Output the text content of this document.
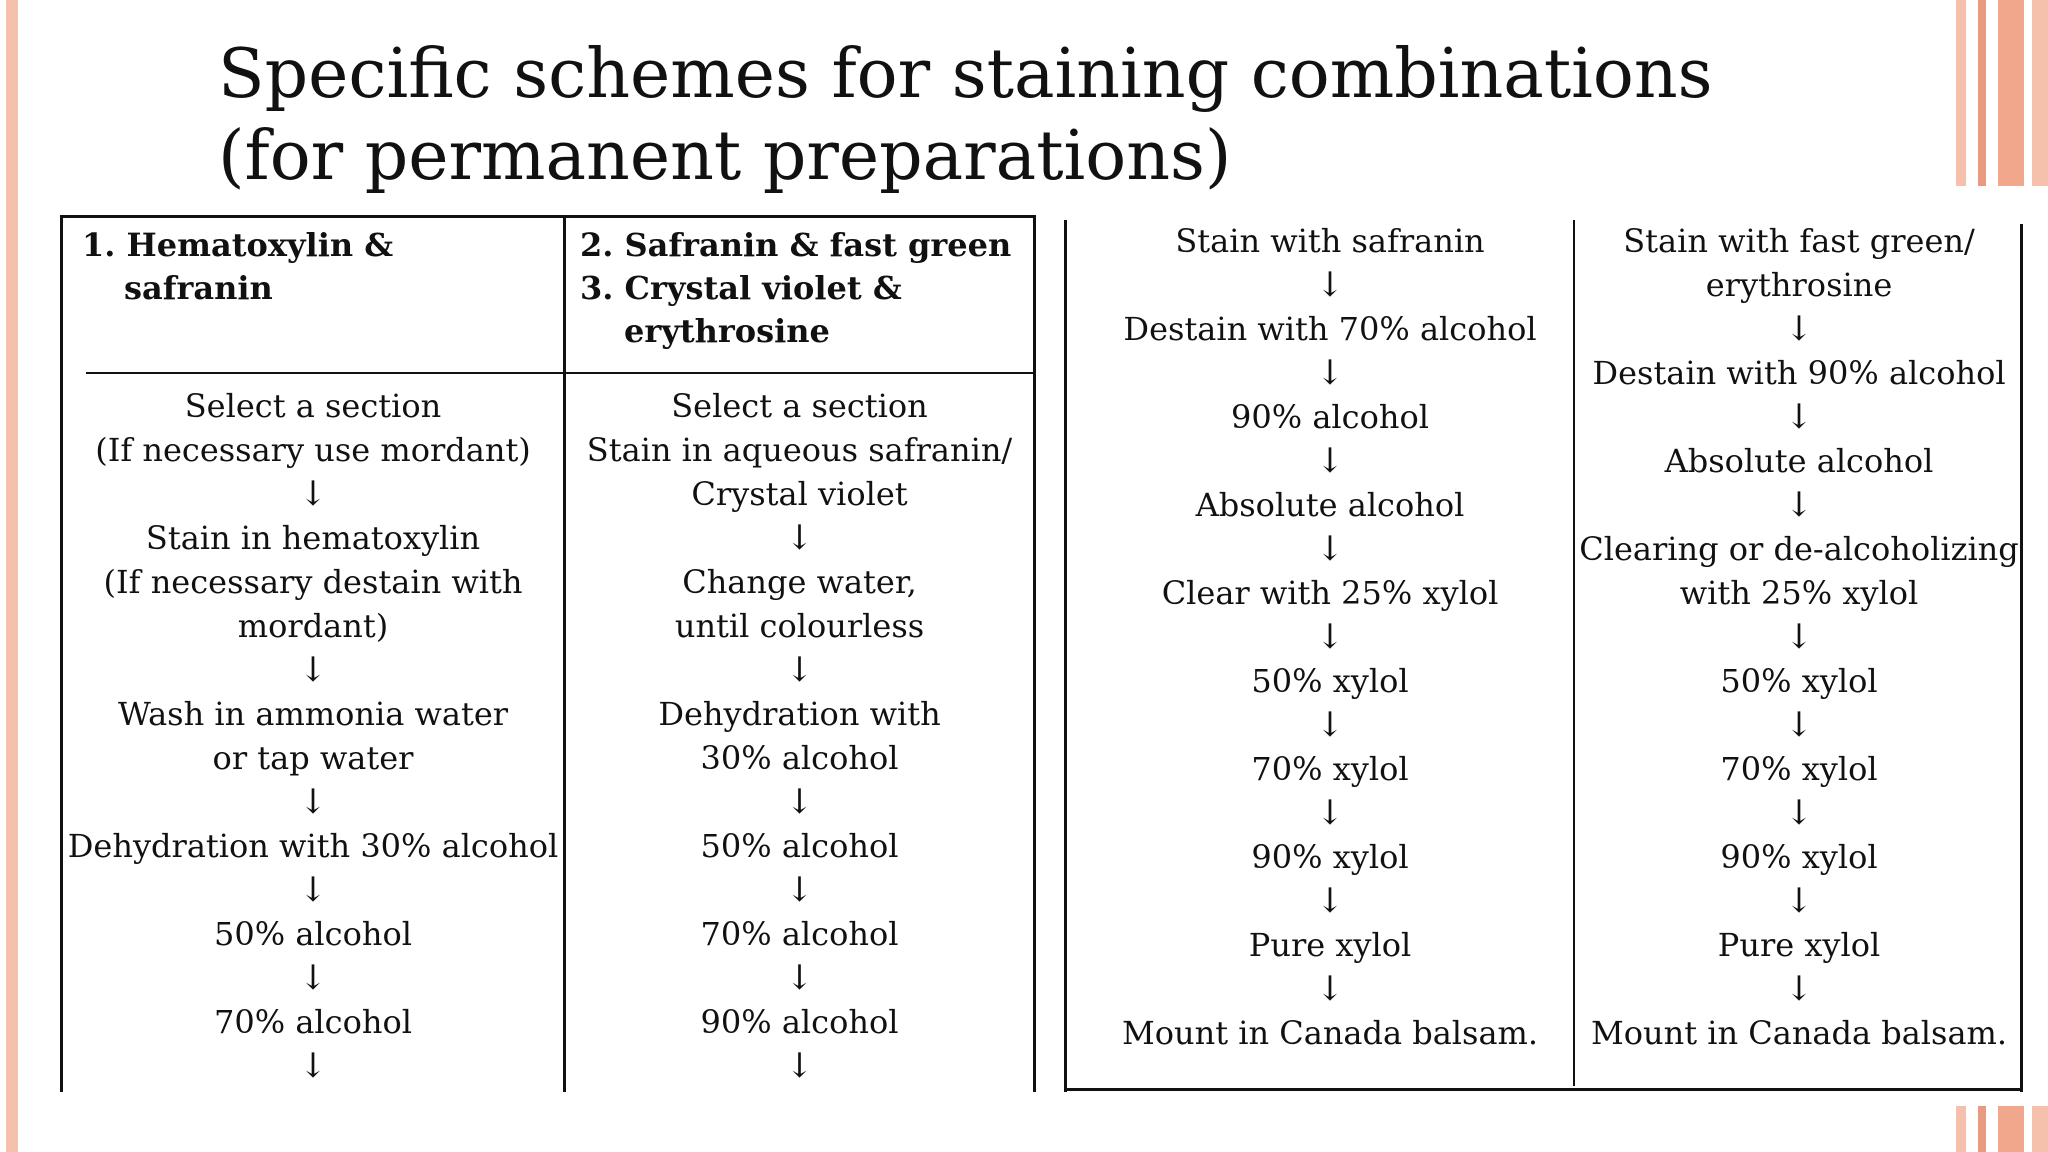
Specific schemes for staining combinations
(for permanent preparations)
1. Hematoxylin &
safranin
2. Safranin & fast green
3. Crystal violet &
erythrosine
Select a section
(If necessary use mordant)
↓
Stain in hematoxylin
(If necessary destain with
mordant)
↓
Wash in ammonia water
or tap water
↓
Dehydration with 30% alcohol
↓
50% alcohol
↓
70% alcohol
↓
Select a section
Stain in aqueous safranin/
Crystal violet
↓
Change water,
until colourless
↓
Dehydration with
30% alcohol
↓
50% alcohol
↓
70% alcohol
↓
90% alcohol
↓
Stain with safranin
↓
Destain with 70% alcohol
↓
90% alcohol
↓
Absolute alcohol
↓
Clear with 25% xylol
↓
50% xylol
↓
70% xylol
↓
90% xylol
↓
Pure xylol
↓
Mount in Canada balsam.
Stain with fast green/
erythrosine
↓
Destain with 90% alcohol
↓
Absolute alcohol
↓
Clearing or de-alcoholizing
with 25% xylol
↓
50% xylol
↓
70% xylol
↓
90% xylol
↓
Pure xylol
↓
Mount in Canada balsam.
